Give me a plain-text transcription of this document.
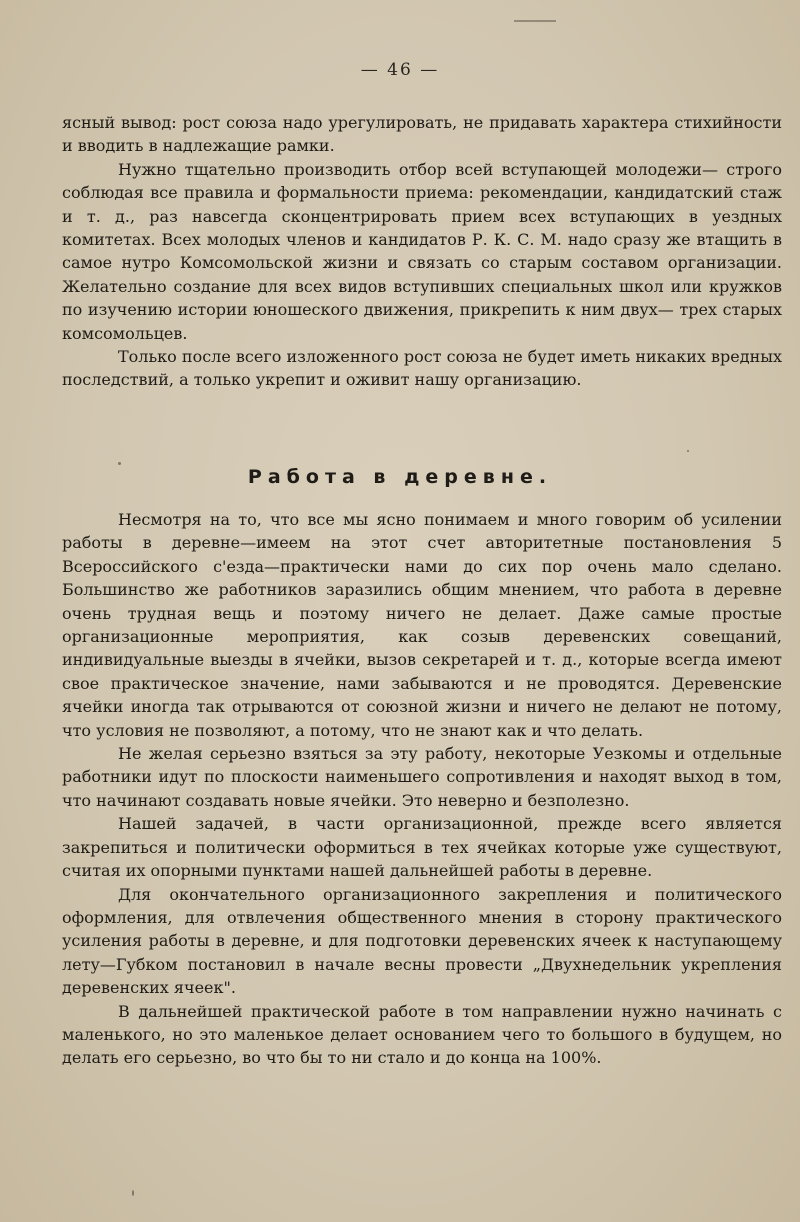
— 46 —

ясный вывод: рост союза надо урегулировать, не придавать характера стихийности и вводить в надлежащие рамки.

Нужно тщательно производить отбор всей вступающей молодежи— строго соблюдая все правила и формальности приема: рекомендации, кандидатский стаж и т. д., раз навсегда сконцентрировать прием всех вступающих в уездных комитетах. Всех молодых членов и кандидатов Р. К. С. М. надо сразу же втащить в самое нутро Комсомольской жизни и связать со старым составом организации. Желательно создание для всех видов вступивших специальных школ или кружков по изучению истории юношеского движения, прикрепить к ним двух— трех старых комсомольцев.

Только после всего изложенного рост союза не будет иметь никаких вредных последствий, а только укрепит и оживит нашу организацию.

Работа в деревне.

Несмотря на то, что все мы ясно понимаем и много говорим об усилении работы в деревне—имеем на этот счет авторитетные постановления 5 Всероссийского с'езда—практически нами до сих пор очень мало сделано. Большинство же работников заразились общим мнением, что работа в деревне очень трудная вещь и поэтому ничего не делает. Даже самые простые организационные мероприятия, как созыв деревенских совещаний, индивидуальные выезды в ячейки, вызов секретарей и т. д., которые всегда имеют свое практическое значение, нами забываются и не проводятся. Деревенские ячейки иногда так отрываются от союзной жизни и ничего не делают не потому, что условия не позволяют, а потому, что не знают как и что делать.

Не желая серьезно взяться за эту работу, некоторые Уезкомы и отдельные работники идут по плоскости наименьшего сопротивления и находят выход в том, что начинают создавать новые ячейки. Это неверно и безполезно.

Нашей задачей, в части организационной, прежде всего является закрепиться и политически оформиться в тех ячейках которые уже существуют, считая их опорными пунктами нашей дальнейшей работы в деревне.

Для окончательного организационного закрепления и политического оформления, для отвлечения общественного мнения в сторону практического усиления работы в деревне, и для подготовки деревенских ячеек к наступающему лету—Губком постановил в начале весны провести „Двухнедельник укрепления деревенских ячеек".

В дальнейшей практической работе в том направлении нужно начинать с маленького, но это маленькое делает основанием чего то большого в будущем, но делать его серьезно, во что бы то ни стало и до конца на 100%.
